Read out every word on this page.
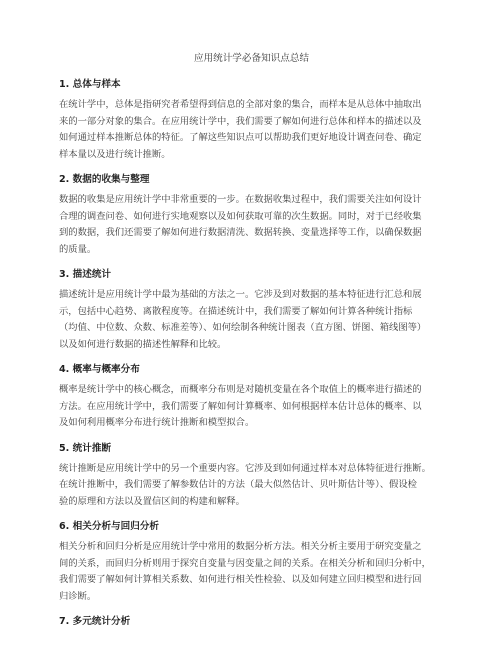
应用统计学必备知识点总结
1. 总体与样本

在统计学中，总体是指研究者希望得到信息的全部对象的集合，而样本是从总体中抽取出
来的一部分对象的集合。在应用统计学中，我们需要了解如何进行总体和样本的描述以及
如何通过样本推断总体的特征。了解这些知识点可以帮助我们更好地设计调查问卷、确定
样本量以及进行统计推断。

2. 数据的收集与整理

数据的收集是应用统计学中非常重要的一步。在数据收集过程中，我们需要关注如何设计
合理的调查问卷、如何进行实地观察以及如何获取可靠的次生数据。同时，对于已经收集
到的数据，我们还需要了解如何进行数据清洗、数据转换、变量选择等工作，以确保数据
的质量。

3. 描述统计

描述统计是应用统计学中最为基础的方法之一。它涉及到对数据的基本特征进行汇总和展
示，包括中心趋势、离散程度等。在描述统计中，我们需要了解如何计算各种统计指标
（均值、中位数、众数、标准差等）、如何绘制各种统计图表（直方图、饼图、箱线图等）
以及如何进行数据的描述性解释和比较。

4. 概率与概率分布

概率是统计学中的核心概念，而概率分布则是对随机变量在各个取值上的概率进行描述的
方法。在应用统计学中，我们需要了解如何计算概率、如何根据样本估计总体的概率、以
及如何利用概率分布进行统计推断和模型拟合。

5. 统计推断

统计推断是应用统计学中的另一个重要内容。它涉及到如何通过样本对总体特征进行推断。
在统计推断中，我们需要了解参数估计的方法（最大似然估计、贝叶斯估计等）、假设检
验的原理和方法以及置信区间的构建和解释。

6. 相关分析与回归分析

相关分析和回归分析是应用统计学中常用的数据分析方法。相关分析主要用于研究变量之
间的关系，而回归分析则用于探究自变量与因变量之间的关系。在相关分析和回归分析中，
我们需要了解如何计算相关系数、如何进行相关性检验、以及如何建立回归模型和进行回
归诊断。

7. 多元统计分析
